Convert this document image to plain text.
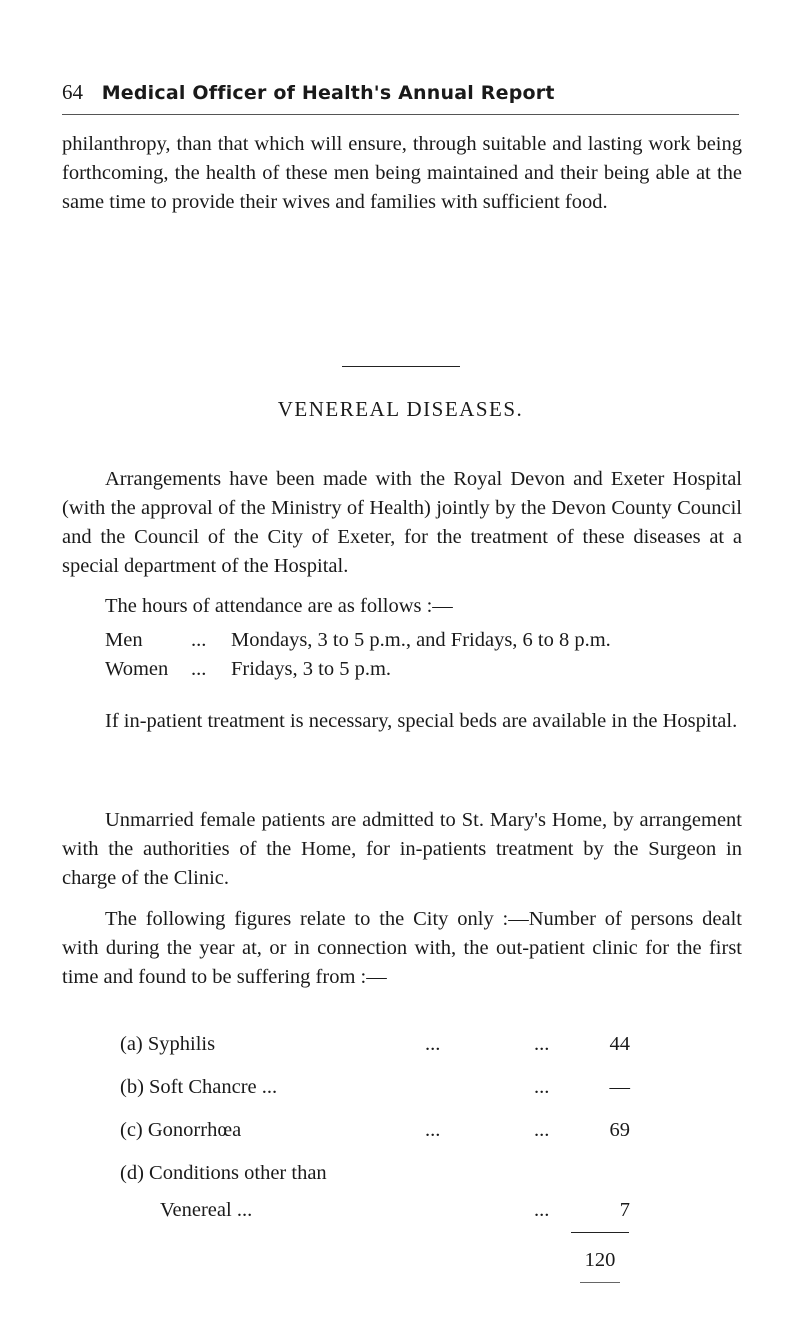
64 Medical Officer of Health's Annual Report

philanthropy, than that which will ensure, through suitable and lasting work being forthcoming, the health of these men being maintained and their being able at the same time to provide their wives and families with sufficient food.

VENEREAL DISEASES.

Arrangements have been made with the Royal Devon and Exeter Hospital (with the approval of the Ministry of Health) jointly by the Devon County Council and the Council of the City of Exeter, for the treatment of these diseases at a special department of the Hospital.

The hours of attendance are as follows :—

Men ... Mondays, 3 to 5 p.m., and Fridays, 6 to 8 p.m.
Women ... Fridays, 3 to 5 p.m.

If in-patient treatment is necessary, special beds are available in the Hospital.

Unmarried female patients are admitted to St. Mary's Home, by arrangement with the authorities of the Home, for in-patients treatment by the Surgeon in charge of the Clinic.

The following figures relate to the City only :—Number of persons dealt with during the year at, or in connection with, the out-patient clinic for the first time and found to be suffering from :—

(a) Syphilis	...	...	44
(b) Soft Chancre ...	...	—
(c) Gonorrhœa	...	...	69
(d) Conditions other than
Venereal ...	...	7
120
